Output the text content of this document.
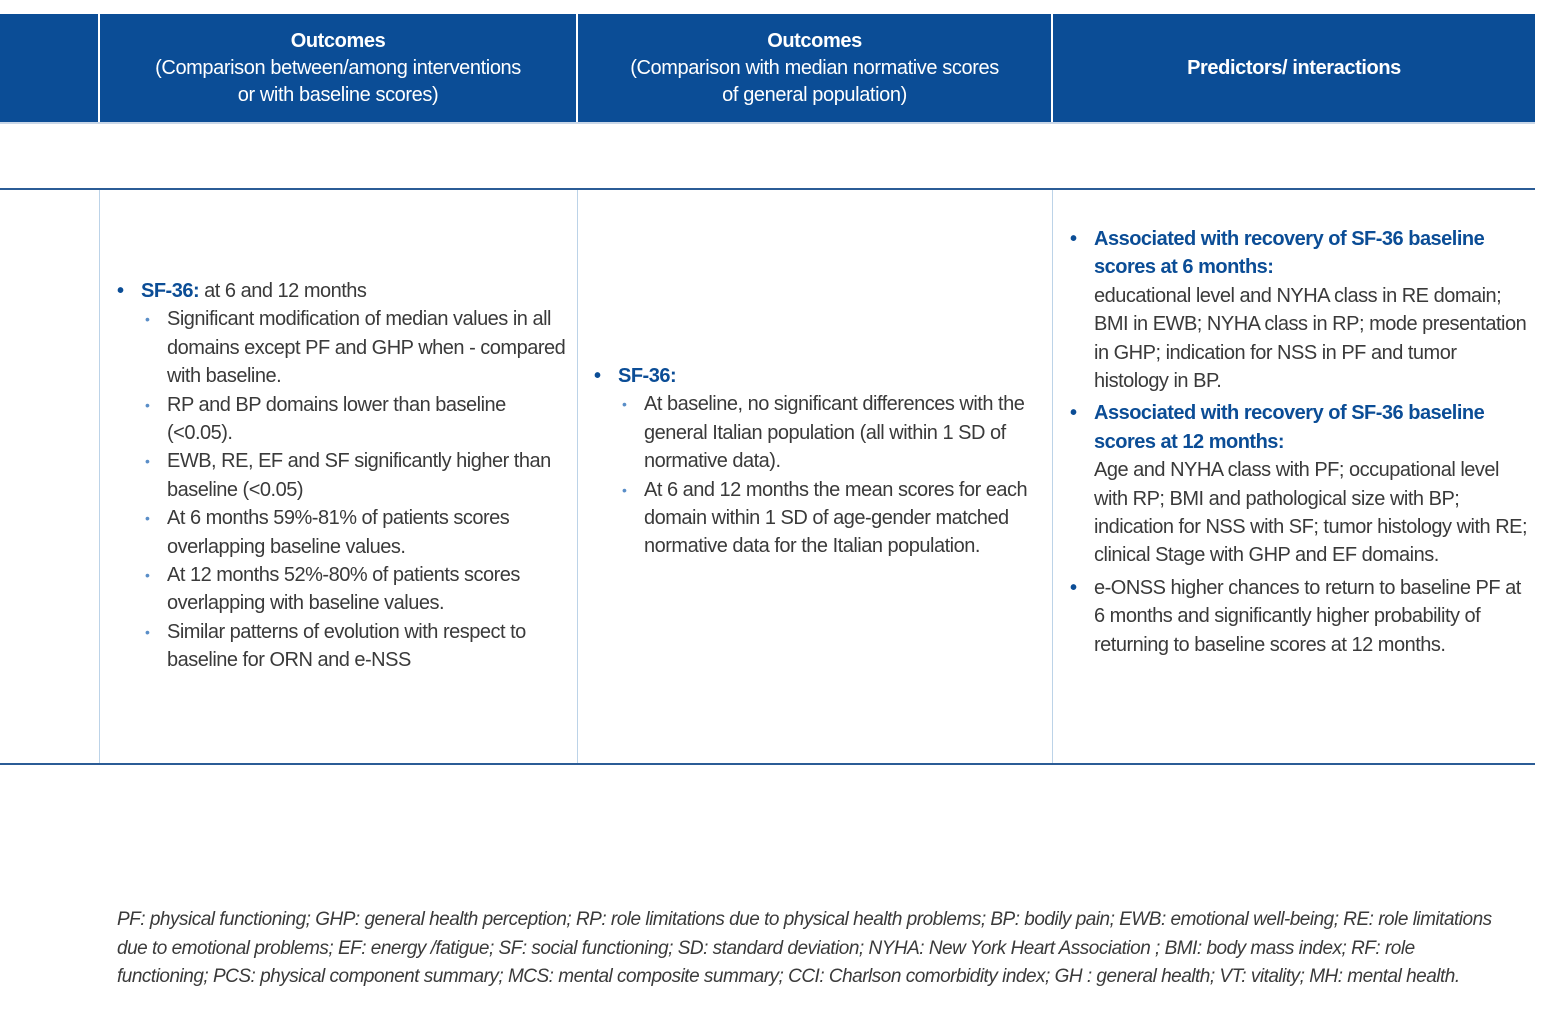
Outcomes
(Comparison between/among interventions
or with baseline scores)
Outcomes
(Comparison with median normative scores
of general population)
Predictors/ interactions
• SF-36: at 6 and 12 months
• Significant modification of median values in all domains except PF and GHP when - compared with baseline.
• RP and BP domains lower than baseline (<0.05).
• EWB, RE, EF and SF significantly higher than baseline (<0.05)
• At 6 months 59%-81% of patients scores overlapping baseline values.
• At 12 months 52%-80% of patients scores overlapping with baseline values.
• Similar patterns of evolution with respect to baseline for ORN and e-NSS
• SF-36:
• At baseline, no significant differences with the general Italian population (all within 1 SD of normative data).
• At 6 and 12 months the mean scores for each domain within 1 SD of age-gender matched normative data for the Italian population.
• Associated with recovery of SF-36 baseline scores at 6 months:
educational level and NYHA class in RE domain; BMI in EWB; NYHA class in RP; mode presentation in GHP; indication for NSS in PF and tumor histology in BP.
• Associated with recovery of SF-36 baseline scores at 12 months:
Age and NYHA class with PF; occupational level with RP; BMI and pathological size with BP; indication for NSS with SF; tumor histology with RE; clinical Stage with GHP and EF domains.
• e-ONSS higher chances to return to baseline PF at 6 months and significantly higher probability of returning to baseline scores at 12 months.
PF: physical functioning; GHP: general health perception; RP: role limitations due to physical health problems; BP: bodily pain; EWB: emotional well-being; RE: role limitations due to emotional problems; EF: energy /fatigue; SF: social functioning; SD: standard deviation; NYHA: New York Heart Association ; BMI: body mass index; RF: role functioning; PCS: physical component summary; MCS: mental composite summary; CCI: Charlson comorbidity index; GH : general health; VT: vitality; MH: mental health.
